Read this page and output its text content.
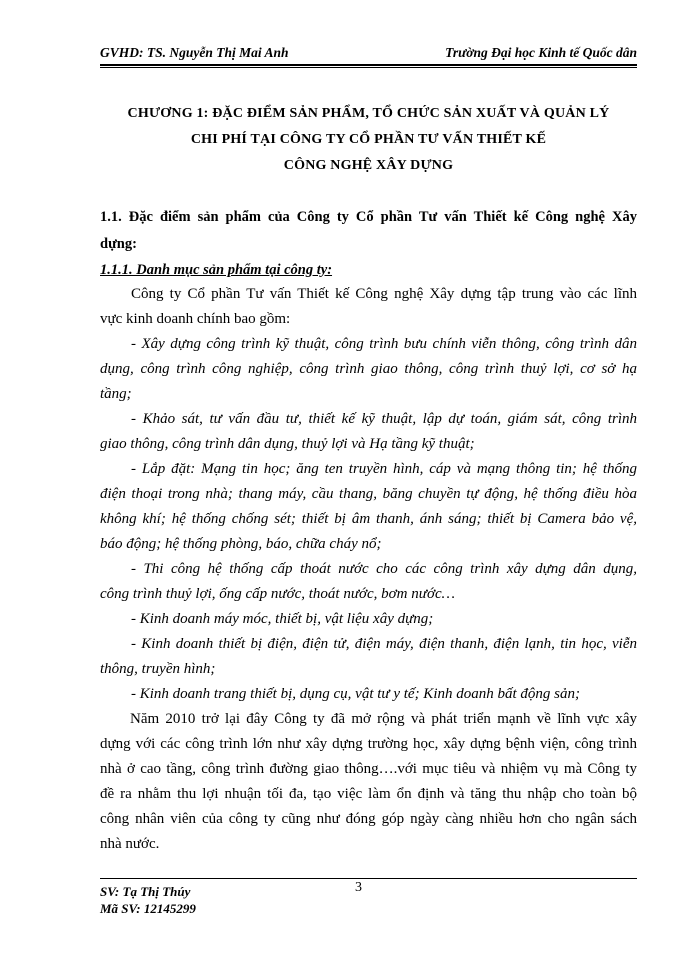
GVHD: TS. Nguyễn Thị Mai Anh	Trường Đại học Kinh tế Quốc dân
CHƯƠNG 1: ĐẶC ĐIỂM SẢN PHẨM, TỔ CHỨC SẢN XUẤT VÀ QUẢN LÝ
CHI PHÍ TẠI CÔNG TY CỔ PHẦN TƯ VẤN THIẾT KẾ
CÔNG NGHỆ XÂY DỰNG
1.1. Đặc điểm sản phẩm của Công ty Cổ phần Tư vấn Thiết kế Công nghệ Xây
dựng:
1.1.1. Danh mục sản phẩm tại công ty:
Công ty Cổ phần Tư vấn Thiết kế Công nghệ Xây dựng tập trung vào các lĩnh
vực kinh doanh chính bao gồm:
- Xây dựng công trình kỹ thuật, công trình bưu chính viễn thông, công trình dân
dụng, công trình công nghiệp, công trình giao thông, công trình thuỷ lợi, cơ sở hạ
tầng;
- Khảo sát, tư vấn đầu tư, thiết kế kỹ thuật, lập dự toán, giám sát, công trình
giao thông, công trình dân dụng, thuỷ lợi và Hạ tầng kỹ thuật;
- Lắp đặt: Mạng tin học; ăng ten truyền hình, cáp và mạng thông tin; hệ thống
điện thoại trong nhà; thang máy, cầu thang, băng chuyền tự động, hệ thống điều hòa
không khí; hệ thống chống sét; thiết bị âm thanh, ánh sáng; thiết bị Camera bảo vệ,
báo động; hệ thống phòng, báo, chữa cháy nổ;
- Thi công hệ thống cấp thoát nước cho các công trình xây dựng dân dụng,
công trình thuỷ lợi, ống cấp nước, thoát nước, bơm nước…
- Kinh doanh máy móc, thiết bị, vật liệu xây dựng;
- Kinh doanh thiết bị điện, điện tử, điện máy, điện thanh, điện lạnh, tin học, viễn
thông, truyền hình;
- Kinh doanh trang thiết bị, dụng cụ, vật tư y tế; Kinh doanh bất động sản;
Năm 2010 trở lại đây Công ty đã mở rộng và phát triển mạnh về lĩnh vực xây
dựng với các công trình lớn như xây dựng trường học, xây dựng bệnh viện, công trình
nhà ở cao tầng, công trình đường giao thông….với mục tiêu và nhiệm vụ mà Công ty
đề ra nhằm thu lợi nhuận tối đa, tạo việc làm ổn định và tăng thu nhập cho toàn bộ
công nhân viên của công ty cũng như đóng góp ngày càng nhiều hơn cho ngân sách
nhà nước.
SV: Tạ Thị Thúy
Mã SV: 12145299
3
